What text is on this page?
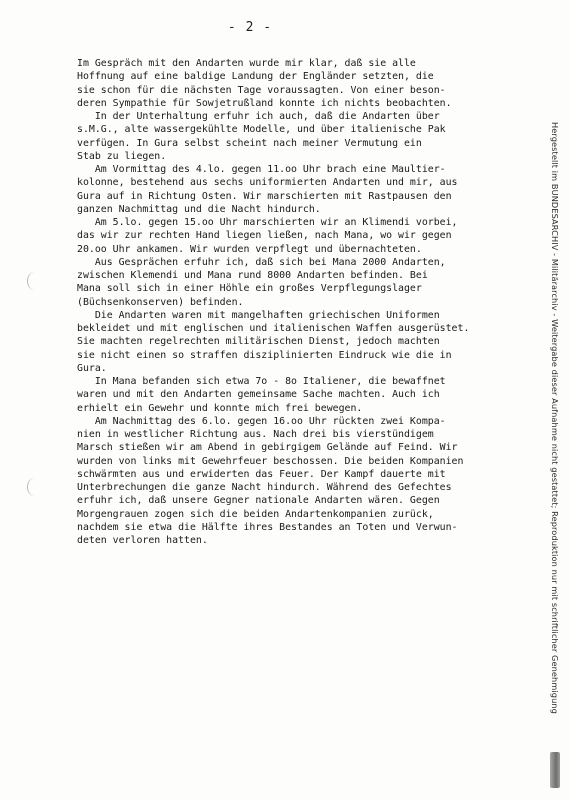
- 2 -
Im Gespräch mit den Andarten wurde mir klar, daß sie alle
Hoffnung auf eine baldige Landung der Engländer setzten, die
sie schon für die nächsten Tage voraussagten. Von einer beson-
deren Sympathie für Sowjetrußland konnte ich nichts beobachten.
In der Unterhaltung erfuhr ich auch, daß die Andarten über
s.M.G., alte wassergekühlte Modelle, und über italienische Pak
verfügen. In Gura selbst scheint nach meiner Vermutung ein
Stab zu liegen.
Am Vormittag des 4.lo. gegen 11.oo Uhr brach eine Maultier-
kolonne, bestehend aus sechs uniformierten Andarten und mir, aus
Gura auf in Richtung Osten. Wir marschierten mit Rastpausen den
ganzen Nachmittag und die Nacht hindurch.
Am 5.lo. gegen 15.oo Uhr marschierten wir an Klimendi vorbei,
das wir zur rechten Hand liegen ließen, nach Mana, wo wir gegen
20.oo Uhr ankamen. Wir wurden verpflegt und übernachteten.
Aus Gesprächen erfuhr ich, daß sich bei Mana 2000 Andarten,
zwischen Klemendi und Mana rund 8000 Andarten befinden. Bei
Mana soll sich in einer Höhle ein großes Verpflegungslager
(Büchsenkonserven) befinden.
Die Andarten waren mit mangelhaften griechischen Uniformen
bekleidet und mit englischen und italienischen Waffen ausgerüstet.
Sie machten regelrechten militärischen Dienst, jedoch machten
sie nicht einen so straffen disziplinierten Eindruck wie die in
Gura.
In Mana befanden sich etwa 7o - 8o Italiener, die bewaffnet
waren und mit den Andarten gemeinsame Sache machten. Auch ich
erhielt ein Gewehr und konnte mich frei bewegen.
Am Nachmittag des 6.lo. gegen 16.oo Uhr rückten zwei Kompa-
nien in westlicher Richtung aus. Nach drei bis vierstündigem
Marsch stießen wir am Abend in gebirgigem Gelände auf Feind. Wir
wurden von links mit Gewehrfeuer beschossen. Die beiden Kompanien
schwärmten aus und erwiderten das Feuer. Der Kampf dauerte mit
Unterbrechungen die ganze Nacht hindurch. Während des Gefechtes
erfuhr ich, daß unsere Gegner nationale Andarten wären. Gegen
Morgengrauen zogen sich die beiden Andartenkompanien zurück,
nachdem sie etwa die Hälfte ihres Bestandes an Toten und Verwun-
deten verloren hatten.	Hergestellt im BUNDESARCHIV - Militärarchiv - Weitergabe dieser Aufnahme nicht gestattet; Reproduktion nur mit schriftlicher Genehmigung
